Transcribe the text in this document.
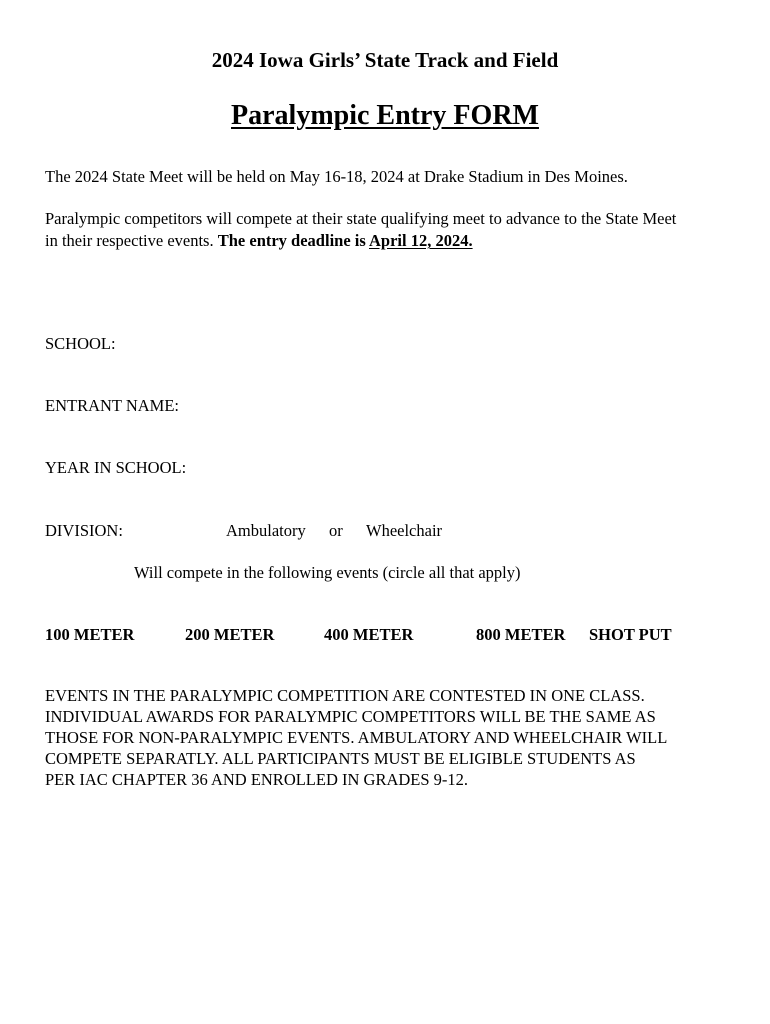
2024 Iowa Girls’ State Track and Field
Paralympic Entry FORM
The 2024 State Meet will be held on May 16-18, 2024 at Drake Stadium in Des Moines.
Paralympic competitors will compete at their state qualifying meet to advance to the State Meet
in their respective events. The entry deadline is April 12, 2024.
SCHOOL:
ENTRANT NAME:
YEAR IN SCHOOL:
DIVISION:	Ambulatory or Wheelchair
Will compete in the following events (circle all that apply)
100 METER	200 METER	400 METER	800 METER SHOT PUT
EVENTS IN THE PARALYMPIC COMPETITION ARE CONTESTED IN ONE CLASS.
INDIVIDUAL AWARDS FOR PARALYMPIC COMPETITORS WILL BE THE SAME AS
THOSE FOR NON-PARALYMPIC EVENTS. AMBULATORY AND WHEELCHAIR WILL
COMPETE SEPARATLY. ALL PARTICIPANTS MUST BE ELIGIBLE STUDENTS AS
PER IAC CHAPTER 36 AND ENROLLED IN GRADES 9-12.
